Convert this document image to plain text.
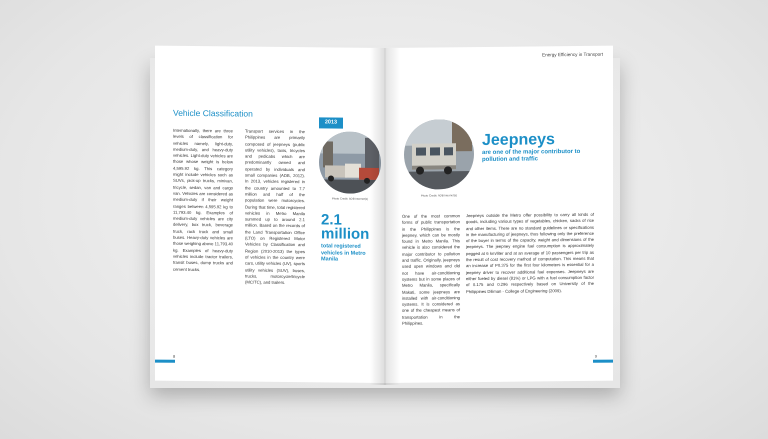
Vehicle Classification

Internationally, there are three levels of classification for vehicles namely, light-duty, medium-duty, and heavy-duty vehicles. Light-duty vehicles are those whose weight is below 4,595.92 kg. This category might include vehicles such as SUVs, pick-up trucks, minivan, tricycle, sedan, van and cargo van. Vehicles are considered as medium-duty if their weight ranges between 4,595.92 kg to 11,793.40 kg. Examples of medium-duty vehicles are city delivery, box truck, beverage truck, rack truck and small buses. Heavy-duty vehicles are those weighing above 11,793.40 kg. Examples of heavy-duty vehicles include tractor trailers, transit buses, dump trucks and cement trucks.

Transport services in the Philippines are primarily composed of jeepneys (public utility vehicles), taxis, tricycles and pedicabs which are predominantly owned and operated by individuals and small companies (ADB, 2012). In 2013, vehicles registered in the country amounted to 7.7 million and half of the population were motorcycles. During that time, total registered vehicles in Metro Manila summed up to around 2.1 million. Based on the records of the Land Transportation Office (LTO) on Registered Motor Vehicles by Classification and Region (2010-2013) the types of vehicles in the country were cars, utility vehicles (UV), sports utility vehicles (SUV), buses, trucks, motorcycle/tricycle (MC/TC), and trailers.

2013
Photo Credit: ADB Internet(s)
2.1
million
total registered vehicles in Metro Manila
8
Energy Efficiency in Transport
Photo Credit: ADB Internet(s)
Jeepneys
are one of the major contributor to pollution and traffic

One of the most common forms of public transportation in the Philippines is the jeepney, which can be mostly found in Metro Manila. This vehicle is also considered the major contributor to pollution and traffic. Originally, jeepneys used open windows and did not have air-conditioning systems but in some places of Metro Manila, specifically Makati, some jeepneys are installed with air-conditioning systems. It is considered as one of the cheapest means of transportation in the Philippines.

Jeepneys outside the Metro offer possibility to carry all kinds of goods, including various types of vegetables, chicken, sacks of rice and other items. There are no standard guidelines or specifications in the manufacturing of jeepneys, thus following only the preference of the buyer in terms of the capacity, weight and dimensions of the jeepneys. The jeepney engine fuel consumption is approximately pegged at 6 km/liter and at an average of 10 passengers per trip as the result of cost recovery method of computation. This means that an increase of P0.375 for the first four kilometers is essential for a jeepney driver to recover additional fuel expenses. Jeepneys are either fueled by diesel (81%) or LPG with a fuel consumption factor of 0.175 and 0.296 respectively based on University of the Philippines Diliman - College of Engineering (2009).

9
